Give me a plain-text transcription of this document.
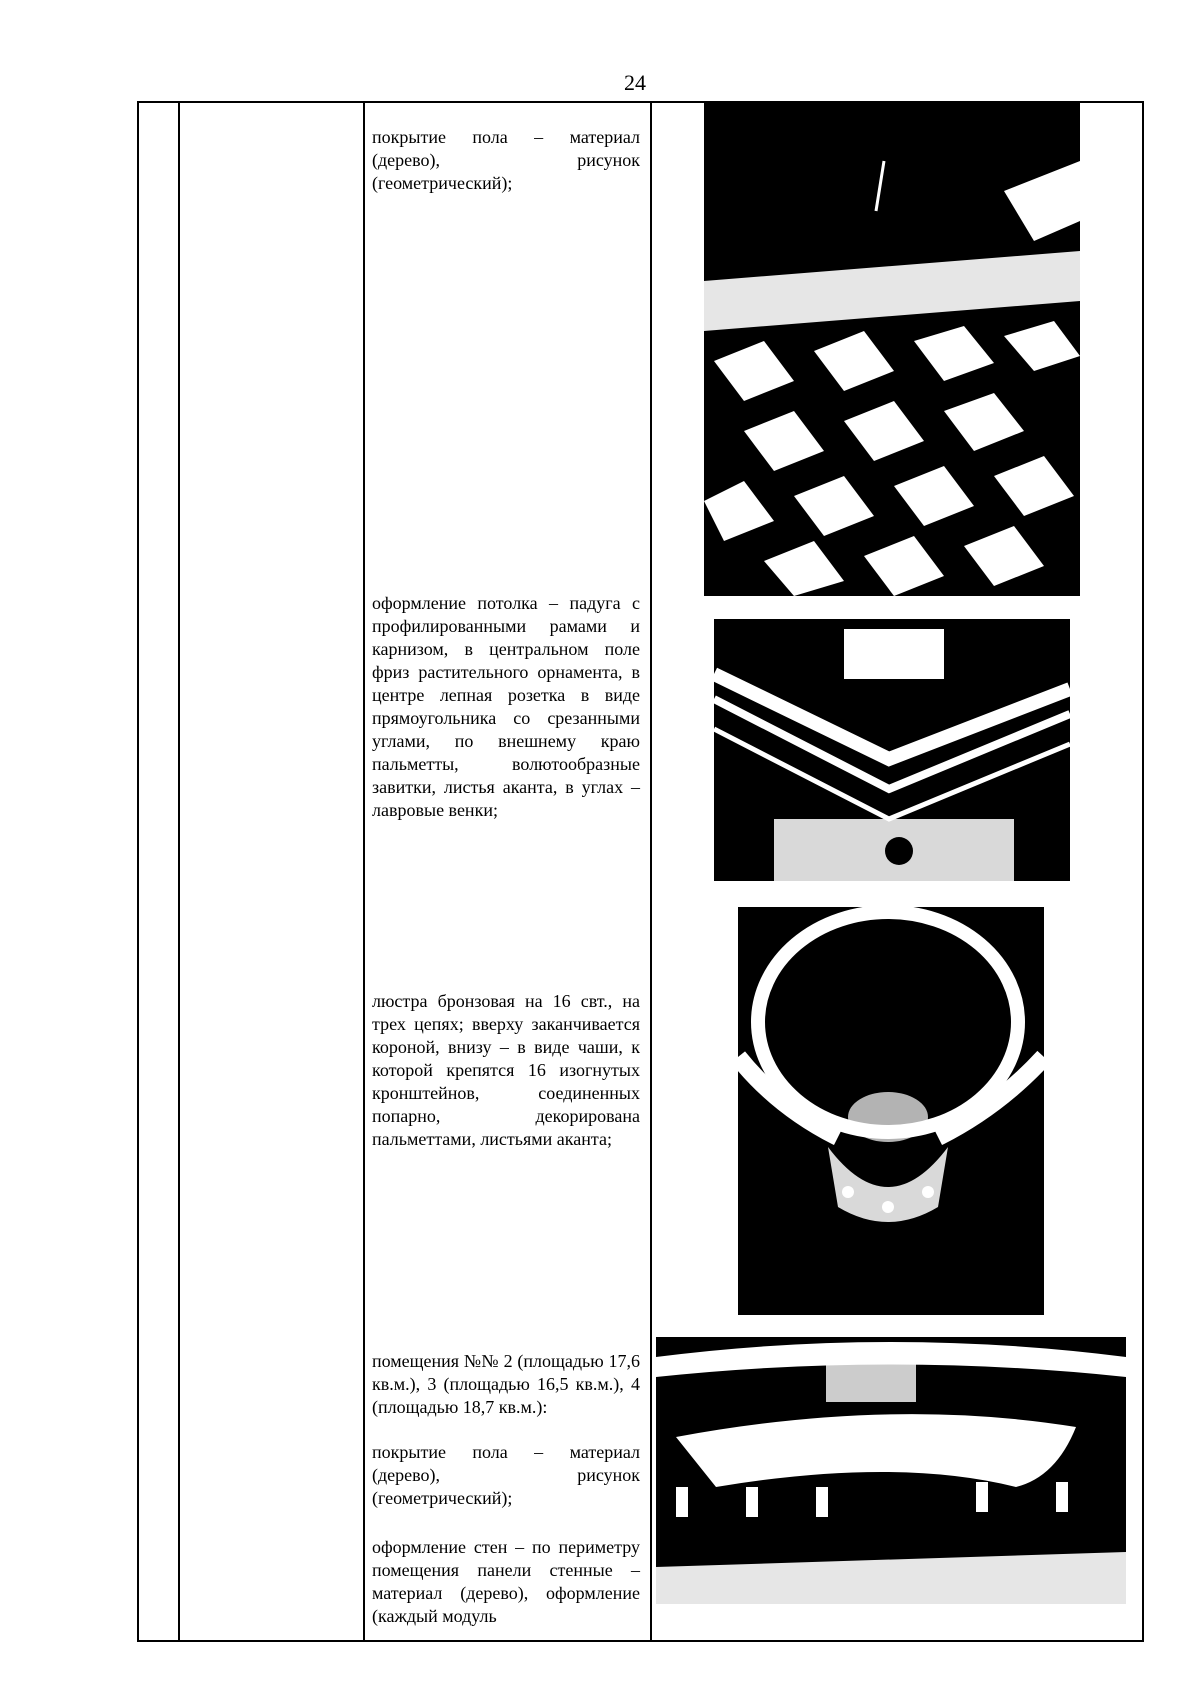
24
покрытие пола – материал (дерево), рисунок (геометрический);
оформление потолка – падуга с профилированными рамами и карнизом, в центральном поле фриз растительного орнамента, в центре лепная розетка в виде прямоугольника со срезанными углами, по внешнему краю пальметты, волютообразные завитки, листья аканта, в углах – лавровые венки;
люстра бронзовая на 16 свт., на трех цепях; вверху заканчивается короной, внизу – в виде чаши, к которой крепятся 16 изогнутых кронштейнов, соединенных попарно, декорирована пальметтами, листьями аканта;
помещения №№ 2 (площадью 17,6 кв.м.), 3 (площадью 16,5 кв.м.), 4 (площадью 18,7 кв.м.):
покрытие пола – материал (дерево), рисунок (геометрический);
оформление стен – по периметру помещения панели стенные – материал (дерево), оформление (каждый модуль
